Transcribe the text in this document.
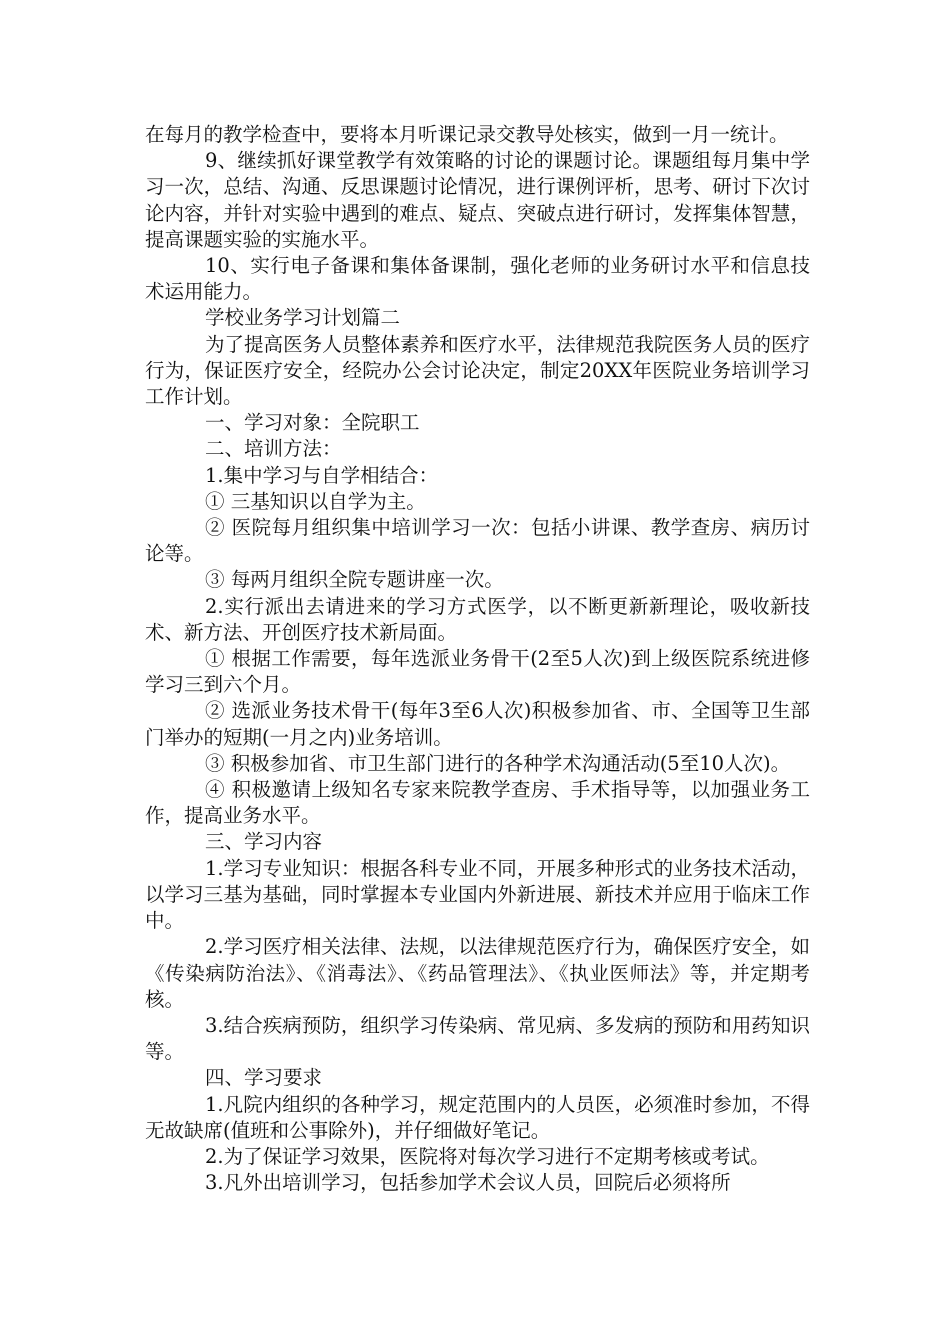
在每月的教学检查中，要将本月听课记录交教导处核实，做到一月一统计。

9、继续抓好课堂教学有效策略的讨论的课题讨论。课题组每月集中学习一次，总结、沟通、反思课题讨论情况，进行课例评析，思考、研讨下次讨论内容，并针对实验中遇到的难点、疑点、突破点进行研讨，发挥集体智慧，提高课题实验的实施水平。

10、实行电子备课和集体备课制，强化老师的业务研讨水平和信息技术运用能力。

学校业务学习计划篇二

为了提高医务人员整体素养和医疗水平，法律规范我院医务人员的医疗行为，保证医疗安全，经院办公会讨论决定，制定20XX年医院业务培训学习工作计划。

一、学习对象：全院职工

二、培训方法：

1.集中学习与自学相结合：

① 三基知识以自学为主。

② 医院每月组织集中培训学习一次：包括小讲课、教学查房、病历讨论等。

③ 每两月组织全院专题讲座一次。

2.实行派出去请进来的学习方式医学，以不断更新新理论，吸收新技术、新方法、开创医疗技术新局面。

① 根据工作需要，每年选派业务骨干(2至5人次)到上级医院系统进修学习三到六个月。

② 选派业务技术骨干(每年3至6人次)积极参加省、市、全国等卫生部门举办的短期(一月之内)业务培训。

③ 积极参加省、市卫生部门进行的各种学术沟通活动(5至10人次)。

④ 积极邀请上级知名专家来院教学查房、手术指导等，以加强业务工作，提高业务水平。

三、学习内容

1.学习专业知识：根据各科专业不同，开展多种形式的业务技术活动，以学习三基为基础，同时掌握本专业国内外新进展、新技术并应用于临床工作中。

2.学习医疗相关法律、法规，以法律规范医疗行为，确保医疗安全，如《传染病防治法》、《消毒法》、《药品管理法》、《执业医师法》等，并定期考核。

3.结合疾病预防，组织学习传染病、常见病、多发病的预防和用药知识等。

四、学习要求

1.凡院内组织的各种学习，规定范围内的人员医，必须准时参加，不得无故缺席(值班和公事除外)，并仔细做好笔记。

2.为了保证学习效果，医院将对每次学习进行不定期考核或考试。

3.凡外出培训学习，包括参加学术会议人员，回院后必须将所
